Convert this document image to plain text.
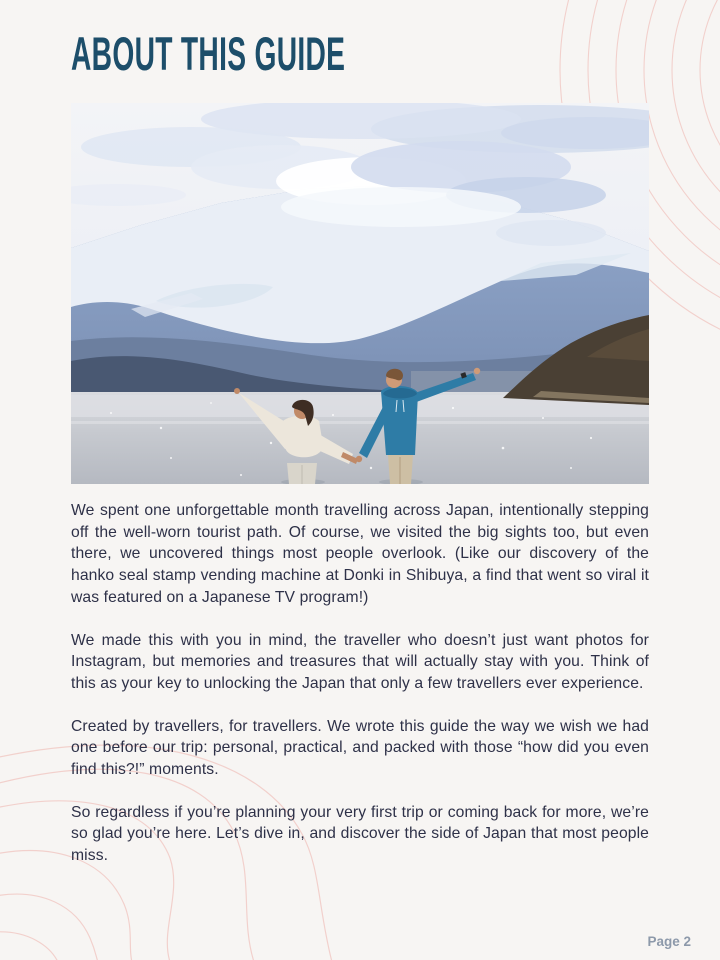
ABOUT THIS GUIDE

We spent one unforgettable month travelling across Japan, intentionally stepping off the well-worn tourist path. Of course, we visited the big sights too, but even there, we uncovered things most people overlook. (Like our discovery of the hanko seal stamp vending machine at Donki in Shibuya, a find that went so viral it was featured on a Japanese TV program!)

We made this with you in mind, the traveller who doesn’t just want photos for Instagram, but memories and treasures that will actually stay with you. Think of this as your key to unlocking the Japan that only a few travellers ever experience.

Created by travellers, for travellers. We wrote this guide the way we wish we had one before our trip: personal, practical, and packed with those “how did you even find this?!” moments.

So regardless if you’re planning your very first trip or coming back for more, we’re so glad you’re here. Let’s dive in, and discover the side of Japan that most people miss.

Page 2
